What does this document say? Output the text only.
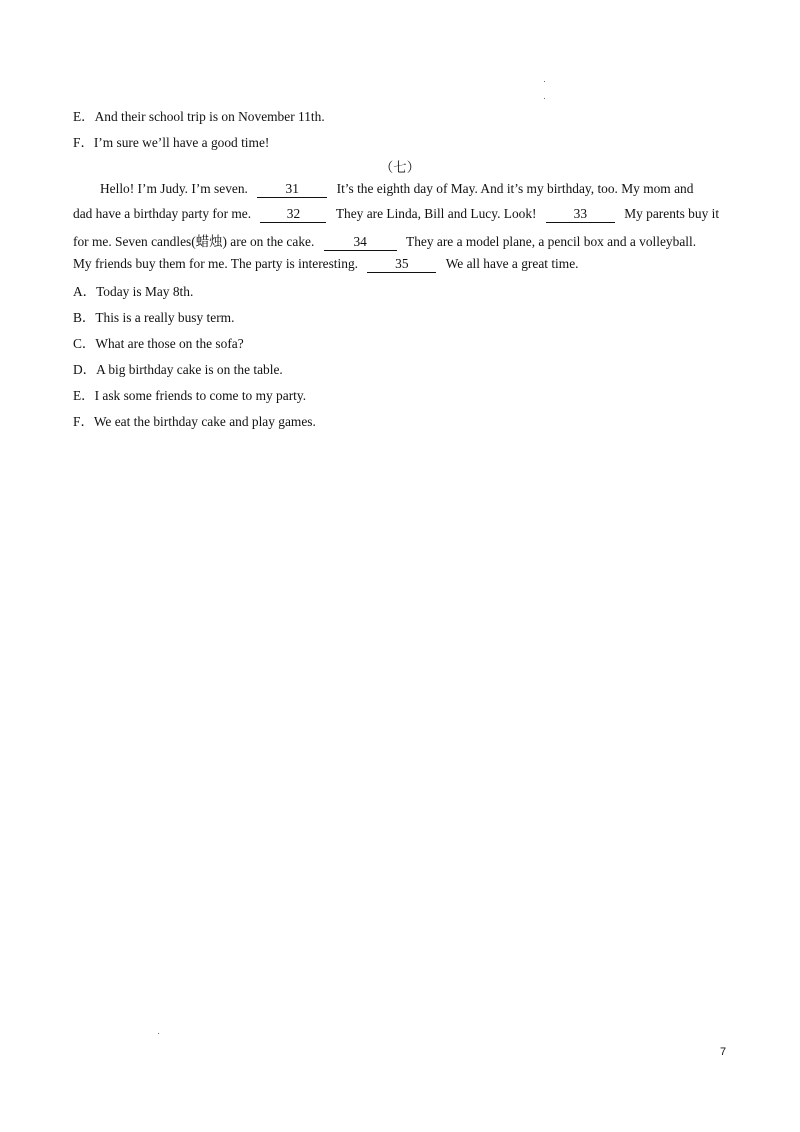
E．And their school trip is on November 11th.
F．I’m sure we’ll have a good time!
（七）
Hello! I’m Judy. I’m seven.	31	It’s the eighth day of May. And it’s my birthday, too. My mom and
dad have a birthday party for me.	32	They are Linda, Bill and Lucy. Look!	33	My parents buy it
for me. Seven candles(蜡烛) are on the cake.	34	They are a model plane, a pencil box and a volleyball.
My friends buy them for me. The party is interesting.	35	We all have a great time.
A．Today is May 8th.
B．This is a really busy term.
C．What are those on the sofa?
D．A big birthday cake is on the table.
E．I ask some friends to come to my party.
F．We eat the birthday cake and play games.
7
